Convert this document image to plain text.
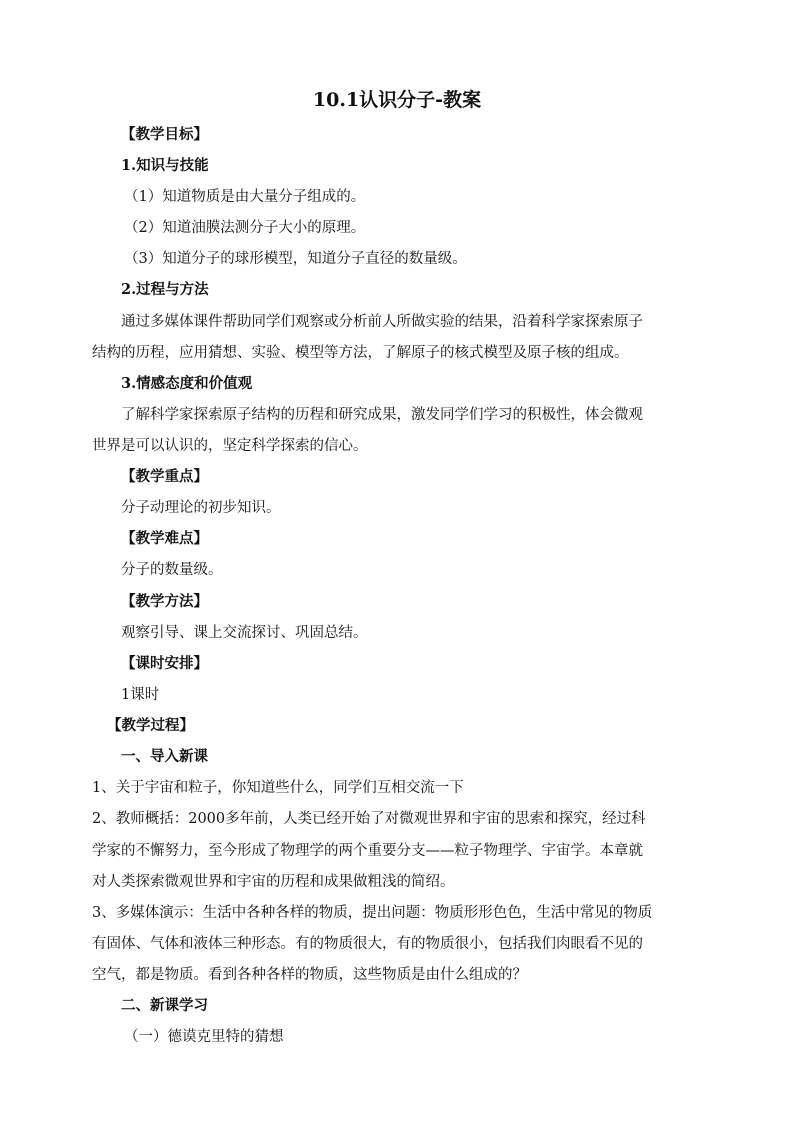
10.1认识分子-教案
【教学目标】
1.知识与技能
（1）知道物质是由大量分子组成的。
（2）知道油膜法测分子大小的原理。
（3）知道分子的球形模型，知道分子直径的数量级。
2.过程与方法
通过多媒体课件帮助同学们观察或分析前人所做实验的结果，沿着科学家探索原子
结构的历程，应用猜想、实验、模型等方法，了解原子的核式模型及原子核的组成。
3.情感态度和价值观
了解科学家探索原子结构的历程和研究成果，激发同学们学习的积极性，体会微观
世界是可以认识的，坚定科学探索的信心。
【教学重点】
分子动理论的初步知识。
【教学难点】
分子的数量级。
【教学方法】
观察引导、课上交流探讨、巩固总结。
【课时安排】
1课时
【教学过程】
一、导入新课
1、关于宇宙和粒子，你知道些什么，同学们互相交流一下
2、教师概括：2000多年前，人类已经开始了对微观世界和宇宙的思索和探究，经过科
学家的不懈努力，至今形成了物理学的两个重要分支——粒子物理学、宇宙学。本章就
对人类探索微观世界和宇宙的历程和成果做粗浅的简绍。
3、多媒体演示：生活中各种各样的物质，提出问题：物质形形色色，生活中常见的物质
有固体、气体和液体三种形态。有的物质很大，有的物质很小，包括我们肉眼看不见的
空气，都是物质。看到各种各样的物质，这些物质是由什么组成的？
二、新课学习
（一）德谟克里特的猜想
